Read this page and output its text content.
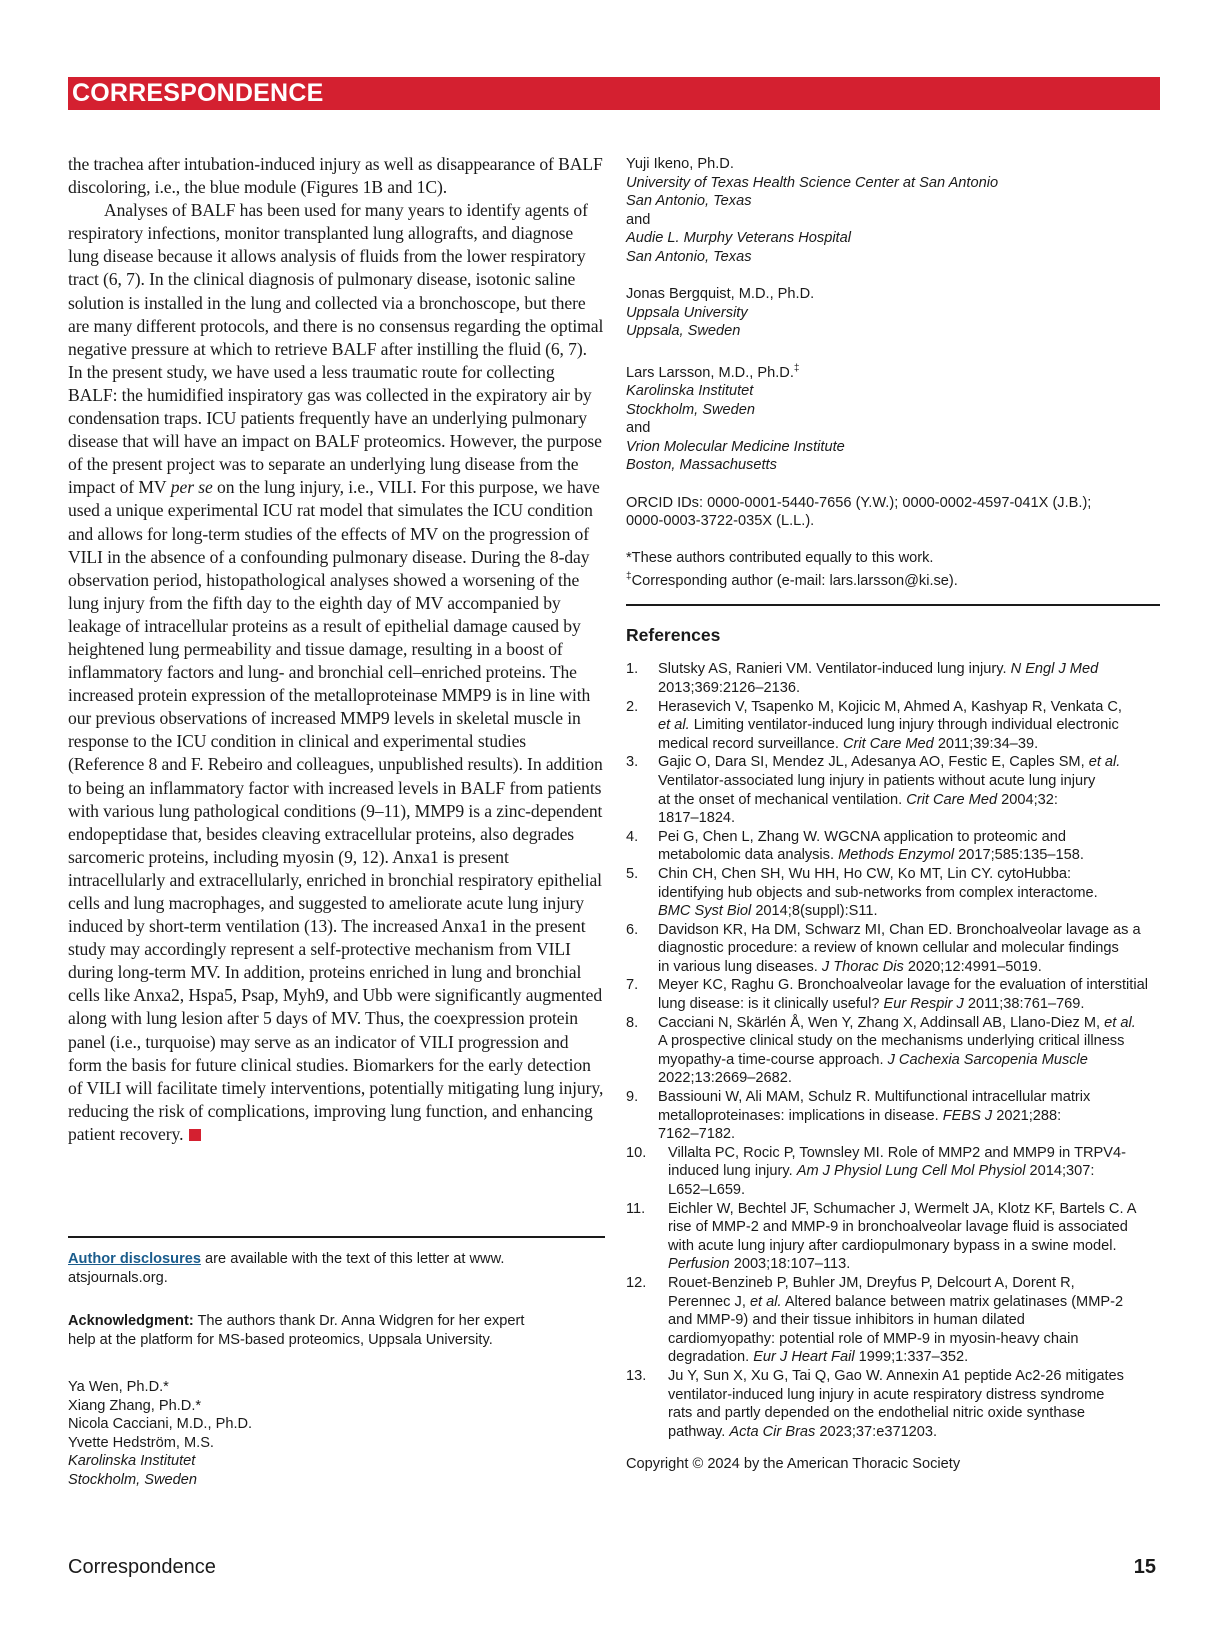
CORRESPONDENCE

the trachea after intubation-induced injury as well as disappearance of BALF discoloring, i.e., the blue module (Figures 1B and 1C).

Analyses of BALF has been used for many years to identify agents of respiratory infections, monitor transplanted lung allografts, and diagnose lung disease because it allows analysis of fluids from the lower respiratory tract (6, 7). In the clinical diagnosis of pulmonary disease, isotonic saline solution is installed in the lung and collected via a bronchoscope, but there are many different protocols, and there is no consensus regarding the optimal negative pressure at which to retrieve BALF after instilling the fluid (6, 7). In the present study, we have used a less traumatic route for collecting BALF: the humidified inspiratory gas was collected in the expiratory air by condensation traps. ICU patients frequently have an underlying pulmonary disease that will have an impact on BALF proteomics. However, the purpose of the present project was to separate an underlying lung disease from the impact of MV per se on the lung injury, i.e., VILI. For this purpose, we have used a unique experimental ICU rat model that simulates the ICU condition and allows for long-term studies of the effects of MV on the progression of VILI in the absence of a confounding pulmonary disease. During the 8-day observation period, histopathological analyses showed a worsening of the lung injury from the fifth day to the eighth day of MV accompanied by leakage of intracellular proteins as a result of epithelial damage caused by heightened lung permeability and tissue damage, resulting in a boost of inflammatory factors and lung- and bronchial cell–enriched proteins. The increased protein expression of the metalloproteinase MMP9 is in line with our previous observations of increased MMP9 levels in skeletal muscle in response to the ICU condition in clinical and experimental studies (Reference 8 and F. Rebeiro and colleagues, unpublished results). In addition to being an inflammatory factor with increased levels in BALF from patients with various lung pathological conditions (9–11), MMP9 is a zinc-dependent endopeptidase that, besides cleaving extracellular proteins, also degrades sarcomeric proteins, including myosin (9, 12). Anxa1 is present intracellularly and extracellularly, enriched in bronchial respiratory epithelial cells and lung macrophages, and suggested to ameliorate acute lung injury induced by short-term ventilation (13). The increased Anxa1 in the present study may accordingly represent a self-protective mechanism from VILI during long-term MV. In addition, proteins enriched in lung and bronchial cells like Anxa2, Hspa5, Psap, Myh9, and Ubb were significantly augmented along with lung lesion after 5 days of MV. Thus, the coexpression protein panel (i.e., turquoise) may serve as an indicator of VILI progression and form the basis for future clinical studies. Biomarkers for the early detection of VILI will facilitate timely interventions, potentially mitigating lung injury, reducing the risk of complications, improving lung function, and enhancing patient recovery.

Author disclosures are available with the text of this letter at www.
atsjournals.org.
Acknowledgment: The authors thank Dr. Anna Widgren for her expert
help at the platform for MS-based proteomics, Uppsala University.
Ya Wen, Ph.D.*
Xiang Zhang, Ph.D.*
Nicola Cacciani, M.D., Ph.D.
Yvette Hedström, M.S.
Karolinska Institutet
Stockholm, Sweden
Yuji Ikeno, Ph.D.
University of Texas Health Science Center at San Antonio
San Antonio, Texas
and
Audie L. Murphy Veterans Hospital
San Antonio, Texas
Jonas Bergquist, M.D., Ph.D.
Uppsala University
Uppsala, Sweden
Lars Larsson, M.D., Ph.D.‡
Karolinska Institutet
Stockholm, Sweden
and
Vrion Molecular Medicine Institute
Boston, Massachusetts
ORCID IDs: 0000-0001-5440-7656 (Y.W.); 0000-0002-4597-041X (J.B.);
0000-0003-3722-035X (L.L.).
*These authors contributed equally to this work.
‡Corresponding author (e-mail: lars.larsson@ki.se).
References
1. Slutsky AS, Ranieri VM. Ventilator-induced lung injury. N Engl J Med
2013;369:2126–2136.
2. Herasevich V, Tsapenko M, Kojicic M, Ahmed A, Kashyap R, Venkata C,
et al. Limiting ventilator-induced lung injury through individual electronic
medical record surveillance. Crit Care Med 2011;39:34–39.
3. Gajic O, Dara SI, Mendez JL, Adesanya AO, Festic E, Caples SM, et al.
Ventilator-associated lung injury in patients without acute lung injury
at the onset of mechanical ventilation. Crit Care Med 2004;32:
1817–1824.
4. Pei G, Chen L, Zhang W. WGCNA application to proteomic and
metabolomic data analysis. Methods Enzymol 2017;585:135–158.
5. Chin CH, Chen SH, Wu HH, Ho CW, Ko MT, Lin CY. cytoHubba:
identifying hub objects and sub-networks from complex interactome.
BMC Syst Biol 2014;8(suppl):S11.
6. Davidson KR, Ha DM, Schwarz MI, Chan ED. Bronchoalveolar lavage as a
diagnostic procedure: a review of known cellular and molecular findings
in various lung diseases. J Thorac Dis 2020;12:4991–5019.
7. Meyer KC, Raghu G. Bronchoalveolar lavage for the evaluation of interstitial
lung disease: is it clinically useful? Eur Respir J 2011;38:761–769.
8. Cacciani N, Skärlén Å, Wen Y, Zhang X, Addinsall AB, Llano-Diez M, et al.
A prospective clinical study on the mechanisms underlying critical illness
myopathy-a time-course approach. J Cachexia Sarcopenia Muscle
2022;13:2669–2682.
9. Bassiouni W, Ali MAM, Schulz R. Multifunctional intracellular matrix
metalloproteinases: implications in disease. FEBS J 2021;288:
7162–7182.
10. Villalta PC, Rocic P, Townsley MI. Role of MMP2 and MMP9 in TRPV4-
induced lung injury. Am J Physiol Lung Cell Mol Physiol 2014;307:
L652–L659.
11. Eichler W, Bechtel JF, Schumacher J, Wermelt JA, Klotz KF, Bartels C. A
rise of MMP-2 and MMP-9 in bronchoalveolar lavage fluid is associated
with acute lung injury after cardiopulmonary bypass in a swine model.
Perfusion 2003;18:107–113.
12. Rouet-Benzineb P, Buhler JM, Dreyfus P, Delcourt A, Dorent R,
Perennec J, et al. Altered balance between matrix gelatinases (MMP-2
and MMP-9) and their tissue inhibitors in human dilated
cardiomyopathy: potential role of MMP-9 in myosin-heavy chain
degradation. Eur J Heart Fail 1999;1:337–352.
13. Ju Y, Sun X, Xu G, Tai Q, Gao W. Annexin A1 peptide Ac2-26 mitigates
ventilator-induced lung injury in acute respiratory distress syndrome
rats and partly depended on the endothelial nitric oxide synthase
pathway. Acta Cir Bras 2023;37:e371203.
Copyright © 2024 by the American Thoracic Society
Correspondence	15
